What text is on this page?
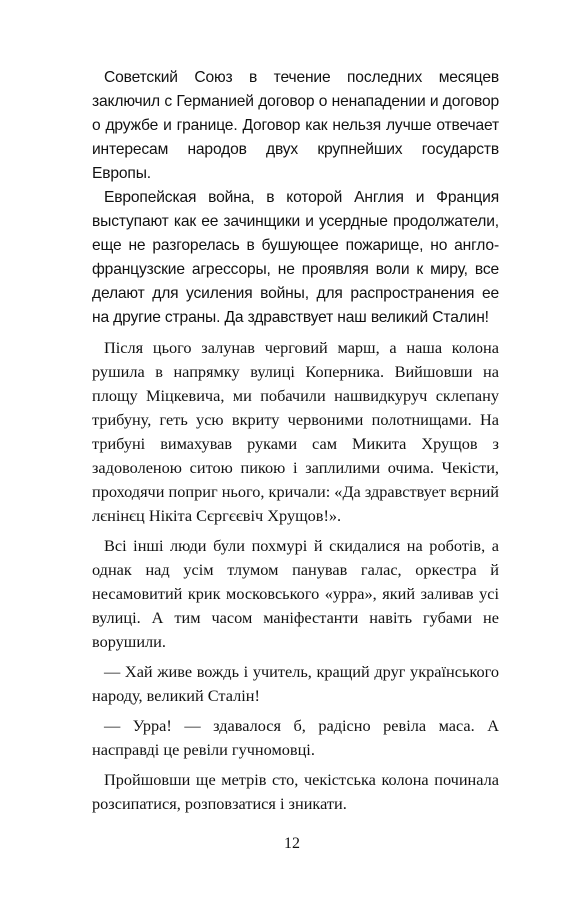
Советский Союз в течение последних месяцев заключил с Германией договор о ненападении и договор о дружбе и границе. Договор как нельзя лучше отвечает интересам народов двух крупнейших государств Европы.

Европейская война, в которой Англия и Франция выступают как ее зачинщики и усердные продолжатели, еще не разгорелась в бушующее пожарище, но англо-французские агрессоры, не проявляя воли к миру, все делают для усиления войны, для распространения ее на другие страны. Да здравствует наш великий Сталин!

Після цього залунав черговий марш, а наша колона рушила в напрямку вулиці Коперника. Вийшовши на площу Міцкевича, ми побачили нашвидкуруч склепану трибуну, геть усю вкриту червоними полотнищами. На трибуні вимахував руками сам Микита Хрущов з задоволеною ситою пикою і заплилими очима. Чекісти, проходячи поприг нього, кричали: «Да здравствует вєрний лєнінєц Нікіта Сєргєєвіч Хрущов!».

Всі інші люди були похмурі й скидалися на роботів, а однак над усім тлумом панував галас, оркестра й несамовитий крик московського «урра», який заливав усі вулиці. А тим часом маніфестанти навіть губами не ворушили.

— Хай живе вождь і учитель, кращий друг українського народу, великий Сталін!

— Урра! — здавалося б, радісно ревіла маса. А насправді це ревіли гучномовці.

Пройшовши ще метрів сто, чекістська колона починала розсипатися, розповзатися і зникати.

12
